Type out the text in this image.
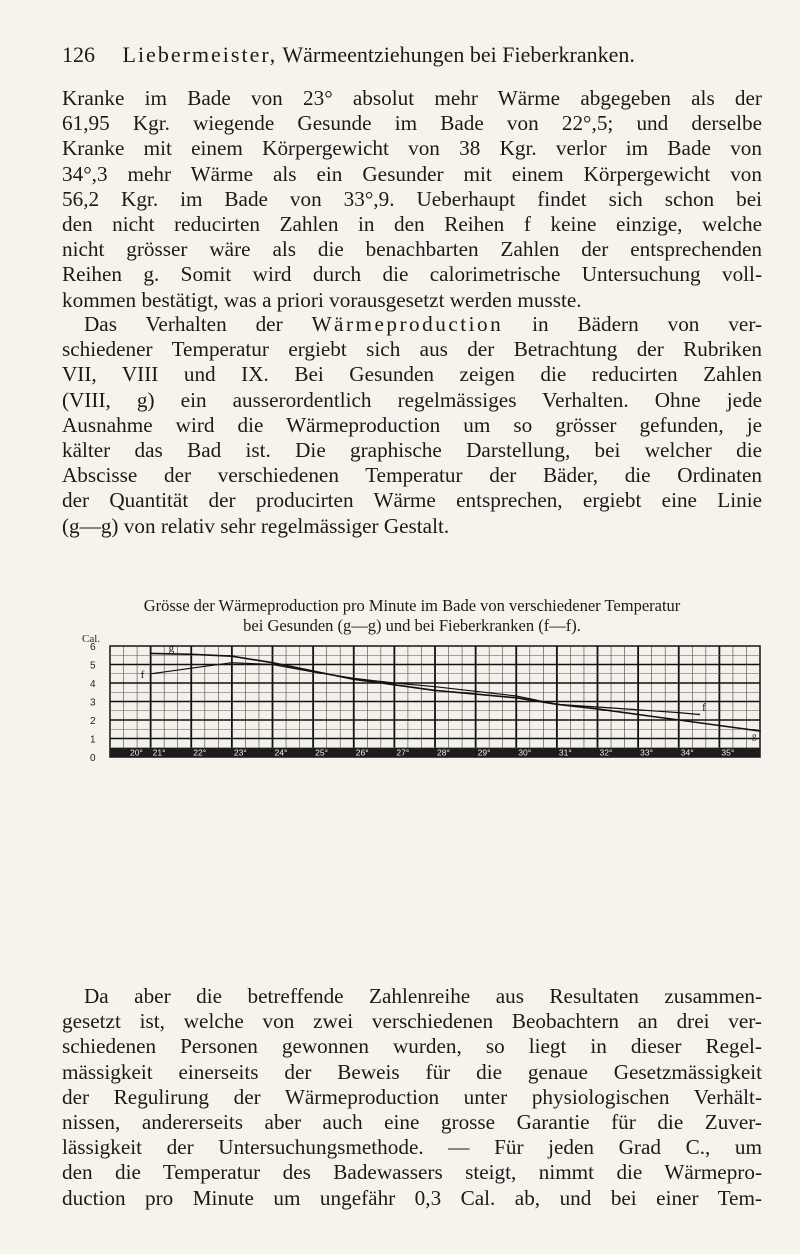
126 Liebermeister, Wärmeentziehungen bei Fieberkranken.

Kranke im Bade von 23° absolut mehr Wärme abgegeben als der
61,95 Kgr. wiegende Gesunde im Bade von 22°,5; und derselbe
Kranke mit einem Körpergewicht von 38 Kgr. verlor im Bade von
34°,3 mehr Wärme als ein Gesunder mit einem Körpergewicht von
56,2 Kgr. im Bade von 33°,9. Ueberhaupt findet sich schon bei
den nicht reducirten Zahlen in den Reihen f keine einzige, welche
nicht grösser wäre als die benachbarten Zahlen der entsprechenden
Reihen g. Somit wird durch die calorimetrische Untersuchung voll-
kommen bestätigt, was a priori vorausgesetzt werden musste.

Das Verhalten der Wärmeproduction in Bädern von ver-
schiedener Temperatur ergiebt sich aus der Betrachtung der Rubriken
VII, VIII und IX. Bei Gesunden zeigen die reducirten Zahlen
(VIII, g) ein ausserordentlich regelmässiges Verhalten. Ohne jede
Ausnahme wird die Wärmeproduction um so grösser gefunden, je
kälter das Bad ist. Die graphische Darstellung, bei welcher die
Abscisse der verschiedenen Temperatur der Bäder, die Ordinaten
der Quantität der producirten Wärme entsprechen, ergiebt eine Linie
(g—g) von relativ sehr regelmässiger Gestalt.

Grösse der Wärmeproduction pro Minute im Bade von verschiedener Temperatur
bei Gesunden (g—g) und bei Fieberkranken (f—f).
Cal.
0
1
2
3
4
5
6
20° 21°	22°	23°	24°	25°	26°	27°	28°	29°	30°	31°	32°	33°	34°	35°	36°
g
f
f
g

Da aber die betreffende Zahlenreihe aus Resultaten zusammen-
gesetzt ist, welche von zwei verschiedenen Beobachtern an drei ver-
schiedenen Personen gewonnen wurden, so liegt in dieser Regel-
mässigkeit einerseits der Beweis für die genaue Gesetzmässigkeit
der Regulirung der Wärmeproduction unter physiologischen Verhält-
nissen, andererseits aber auch eine grosse Garantie für die Zuver-
lässigkeit der Untersuchungsmethode. — Für jeden Grad C., um
den die Temperatur des Badewassers steigt, nimmt die Wärmepro-
duction pro Minute um ungefähr 0,3 Cal. ab, und bei einer Tem-
